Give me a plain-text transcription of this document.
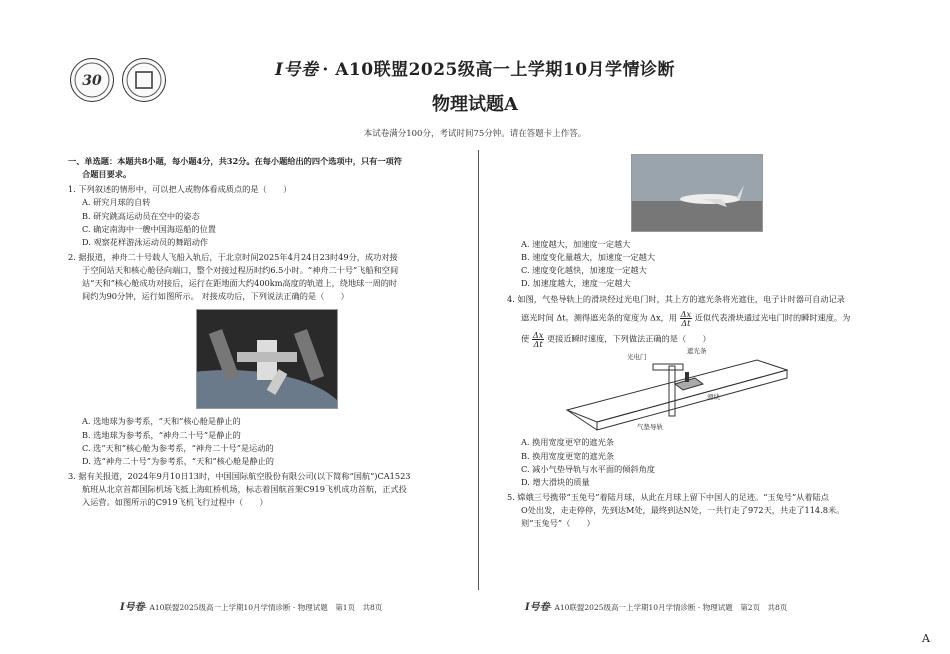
30
I号卷 · A10联盟2025级高一上学期10月学情诊断
物理试题A
本试卷满分100分，考试时间75分钟。请在答题卡上作答。
一、单选题：本题共8小题，每小题4分，共32分。在每小题给出的四个选项中，只有一项符
合题目要求。
1. 下列叙述的情形中，可以把人或物体看成质点的是（　　）
A. 研究月球的自转
B. 研究跳高运动员在空中的姿态
C. 确定南海中一艘中国海巡船的位置
D. 观察花样游泳运动员的舞蹈动作
2. 据报道，神舟二十号载人飞船入轨后，于北京时间2025年4月24日23时49分，成功对接
于空间站天和核心舱径向端口，整个对接过程历时约6.5小时。“神舟二十号”飞船和空间
站“天和”核心舱成功对接后，运行在距地面大约400km高度的轨道上，绕地球一周的时
间约为90分钟，运行如图所示。 对接成功后，下列说法正确的是（　　）
A. 选地球为参考系，“天和”核心舱是静止的
B. 选地球为参考系，“神舟二十号”是静止的
C. 选“天和”核心舱为参考系，“神舟二十号”是运动的
D. 选“神舟二十号”为参考系，“天和”核心舱是静止的
3. 据有关报道，2024年9月10日13时，中国国际航空股份有限公司(以下简称“国航”)CA1523
航班从北京首都国际机场飞抵上海虹桥机场，标志着国航首架C919飞机成功首航，正式投
入运营。如图所示的C919飞机飞行过程中（　　）
A. 速度越大，加速度一定越大
B. 速度变化量越大，加速度一定越大
C. 速度变化越快，加速度一定越大
D. 加速度越大，速度一定越大
4. 如图，气垫导轨上的滑块经过光电门时，其上方的遮光条将光遮住，电子计时器可自动记录
遮光时间 Δt。测得遮光条的宽度为 Δx，用 $\frac{\Delta x}{\Delta t}$ 近似代表滑块通过光电门时的瞬时速度。为
使 $\frac{\Delta x}{\Delta t}$ 更接近瞬时速度，下列做法正确的是（　　）
光电门
遮光条
滑块
气垫导轨
A. 换用宽度更窄的遮光条
B. 换用宽度更宽的遮光条
C. 减小气垫导轨与水平面的倾斜角度
D. 增大滑块的质量
5. 嫦娥三号携带“玉兔号”着陆月球，从此在月球上留下中国人的足迹。“玉兔号”从着陆点
O处出发，走走停停，先到达M处，最终到达N处，一共行走了972天，共走了114.8米。
则“玉兔号”（　　）
I号卷· A10联盟2025级高一上学期10月学情诊断 · 物理试题　第1页　共8页	I号卷· A10联盟2025级高一上学期10月学情诊断 · 物理试题　第2页　共8页
A
